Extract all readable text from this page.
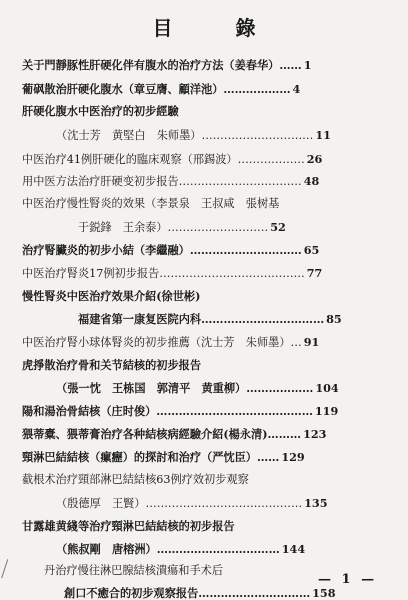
目 錄
关于門靜豚性肝硬化伴有腹水的治疗方法（姜春华）…… 1
葡砜散治肝硬化腹水（章豆膺、顧洋池）……………… 4
肝硬化腹水中医治疗的初步經驗
（沈士芳　黄堅白　朱师墨）………………………… 11
中医治疗41例肝硬化的臨床观察（邢錫波）……………… 26
用中医方法治疗肝硬变初步报告…………………………… 48
中医治疗慢性腎炎的效果（李景泉　王叔咸　張树基
于鋭鋒　王余泰）……………………… 52
治疗腎臟炎的初步小結（李繼融）………………………… 65
中医治疗腎炎17例初步报告………………………………… 77
慢性腎炎中医治疗效果介紹(徐世彬)
福建省第一康复医院内科…………………………… 85
中医治疗腎小球体腎炎的初步推薦（沈士芳　朱师墨）… 91
虎掙散治疗骨和关节結核的初步报告
（張一忱　王栋国　郭清平　黄重柳）……………… 104
陽和湯治骨結核（庄时俊）…………………………………… 119
猥蒂橐、猥蒂膏治疗各种結核病經驗介紹(楊永清)……… 123
頸淋巴結結核（瘰癧）的探討和治疗（严忱臣）…… 129
截根术治疗頸部淋巴結結核63例疗效初步观察
（殷德厚　王賢）…………………………………… 135
甘露雄黄綫等治疗頸淋巴結結核的初步报告
（熊叔剛　唐榕洲）…………………………… 144
丹治疗慢往淋巴腺結核潰瘍和手术后
創口不癒合的初步观察报告………………………… 158
— 1 —
